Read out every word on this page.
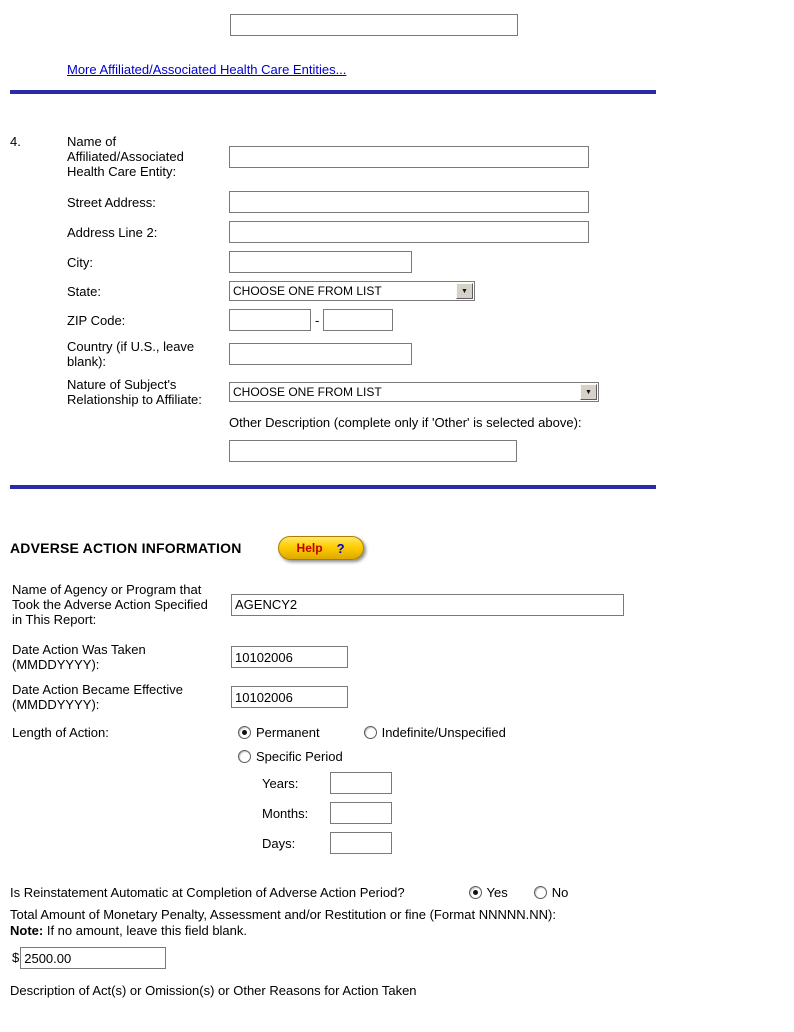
More Affiliated/Associated Health Care Entities...
4.	Name of Affiliated/Associated Health Care Entity:
Street Address:
Address Line 2:
City:
State:
CHOOSE ONE FROM LIST	▼
ZIP Code:	-
Country (if U.S., leave blank):
Nature of Subject's Relationship to Affiliate:
CHOOSE ONE FROM LIST	▼
Other Description (complete only if 'Other' is selected above):
ADVERSE ACTION INFORMATION	Help ?
Name of Agency or Program that Took the Adverse Action Specified in This Report:
AGENCY2
Date Action Was Taken (MMDDYYYY):
10102006
Date Action Became Effective (MMDDYYYY):
10102006
Length of Action:	Permanent	Indefinite/Unspecified
Specific Period
Years:
Months:
Days:
Is Reinstatement Automatic at Completion of Adverse Action Period?	Yes	No
Total Amount of Monetary Penalty, Assessment and/or Restitution or fine (Format NNNNN.NN):
Note: If no amount, leave this field blank.
$
2500.00
Description of Act(s) or Omission(s) or Other Reasons for Action Taken
